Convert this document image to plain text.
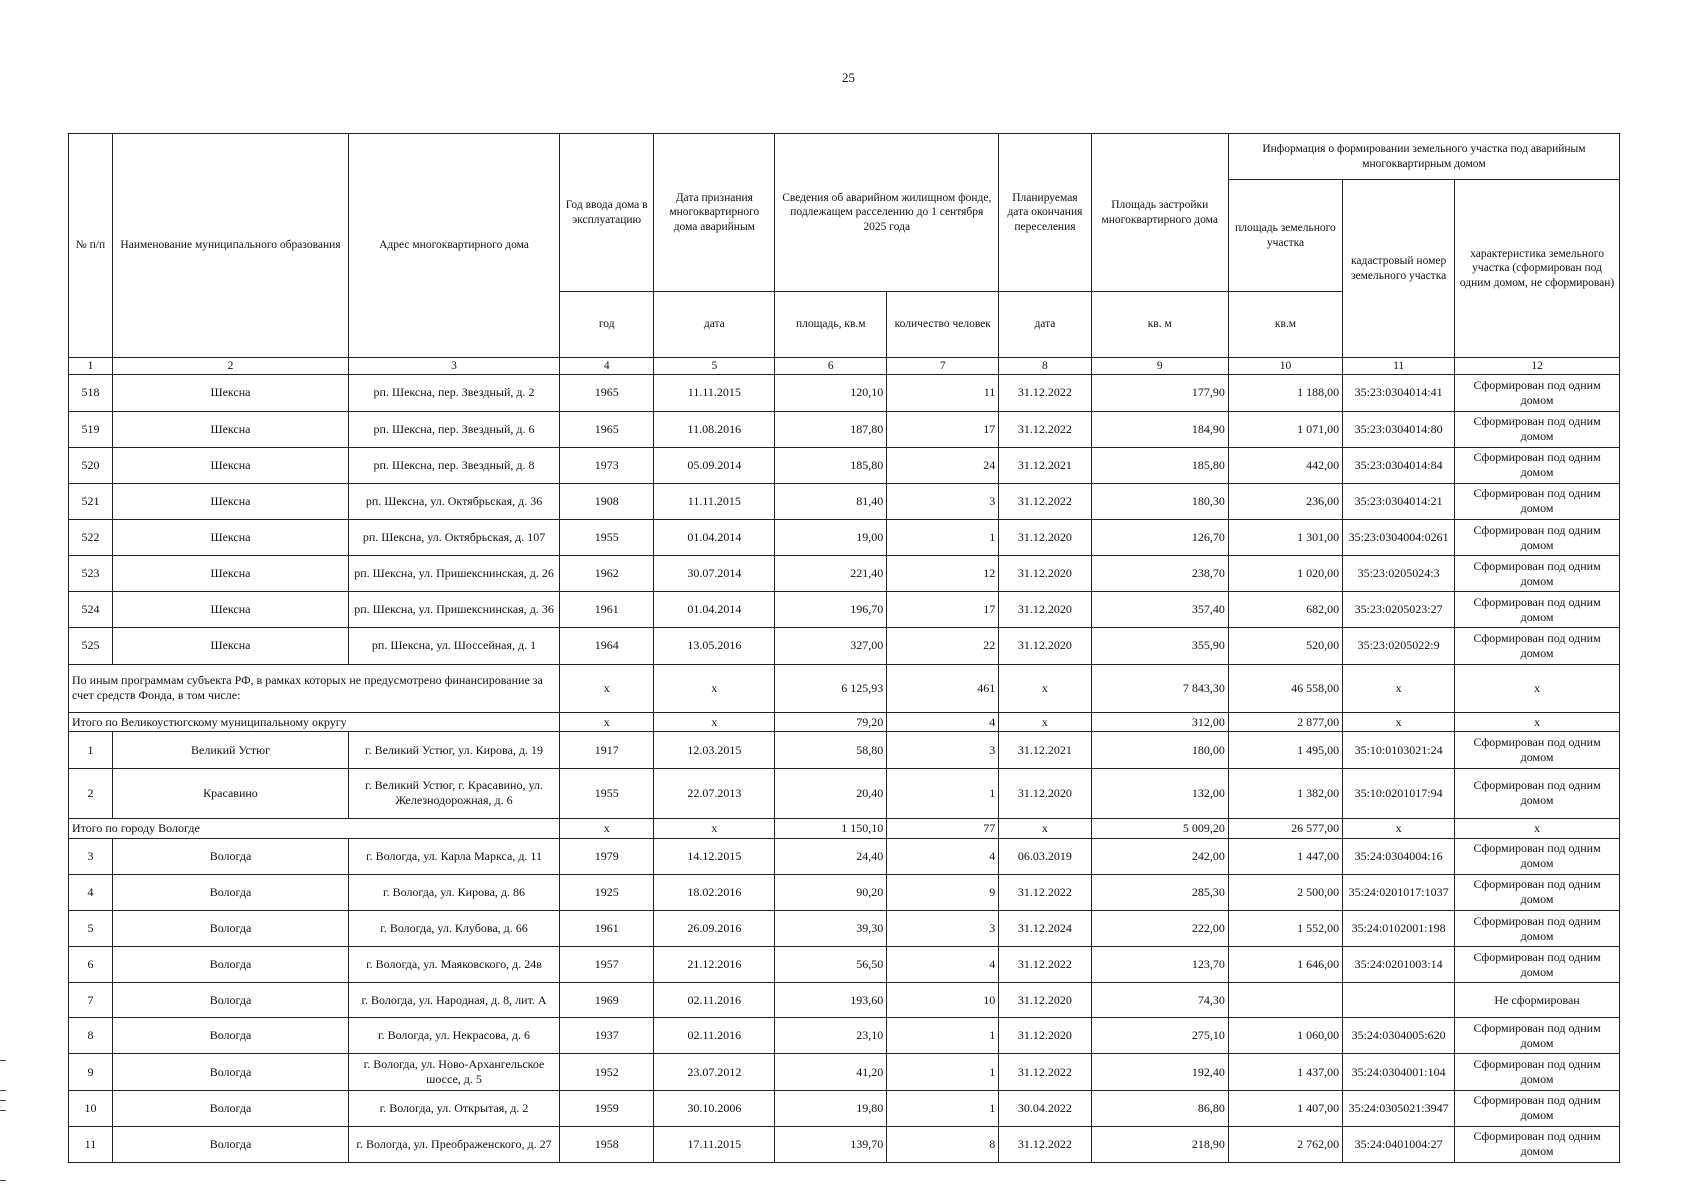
25
№ п/п	Наименование муниципального образования	Адрес многоквартирного дома	Год ввода дома в эксплуатацию	Дата признания многоквартирного дома аварийным	Сведения об аварийном жилищном фонде, подлежащем расселению до 1 сентября 2025 года		Планируемая дата окончания переселения	Площадь застройки многоквартирного дома	Информация о формировании земельного участка под аварийным многоквартирным домом		
									площадь земельного участка	кадастровый номер земельного участка	характеристика земельного участка (сформирован под одним домом, не сформирован)
			год	дата	площадь, кв.м	количество человек	дата	кв. м	кв.м		
1	2	3	4	5	6	7	8	9	10	11	12
518	Шексна	рп. Шексна, пер. Звездный, д. 2	1965	11.11.2015	120,10	11	31.12.2022	177,90	1 188,00	35:23:0304014:41	Сформирован под одним домом
519	Шексна	рп. Шексна, пер. Звездный, д. 6	1965	11.08.2016	187,80	17	31.12.2022	184,90	1 071,00	35:23:0304014:80	Сформирован под одним домом
520	Шексна	рп. Шексна, пер. Звездный, д. 8	1973	05.09.2014	185,80	24	31.12.2021	185,80	442,00	35:23:0304014:84	Сформирован под одним домом
521	Шексна	рп. Шексна, ул. Октябрьская, д. 36	1908	11.11.2015	81,40	3	31.12.2022	180,30	236,00	35:23:0304014:21	Сформирован под одним домом
522	Шексна	рп. Шексна, ул. Октябрьская, д. 107	1955	01.04.2014	19,00	1	31.12.2020	126,70	1 301,00	35:23:0304004:0261	Сформирован под одним домом
523	Шексна	рп. Шексна, ул. Пришекснинская, д. 26	1962	30.07.2014	221,40	12	31.12.2020	238,70	1 020,00	35:23:0205024:3	Сформирован под одним домом
524	Шексна	рп. Шексна, ул. Пришекснинская, д. 36	1961	01.04.2014	196,70	17	31.12.2020	357,40	682,00	35:23:0205023:27	Сформирован под одним домом
525	Шексна	рп. Шексна, ул. Шоссейная, д. 1	1964	13.05.2016	327,00	22	31.12.2020	355,90	520,00	35:23:0205022:9	Сформирован под одним домом
По иным программам субъекта РФ, в рамках которых не предусмотрено финансирование за счет средств Фонда, в том числе:			x	x	6 125,93	461	x	7 843,30	46 558,00	x	x
Итого по Великоустюгскому муниципальному округу			x	x	79,20	4	x	312,00	2 877,00	x	x
1	Великий Устюг	г. Великий Устюг, ул. Кирова, д. 19	1917	12.03.2015	58,80	3	31.12.2021	180,00	1 495,00	35:10:0103021:24	Сформирован под одним домом
2	Красавино	г. Великий Устюг, г. Красавино, ул. Железнодорожная, д. 6	1955	22.07.2013	20,40	1	31.12.2020	132,00	1 382,00	35:10:0201017:94	Сформирован под одним домом
Итого по городу Вологде			x	x	1 150,10	77	x	5 009,20	26 577,00	x	x
3	Вологда	г. Вологда, ул. Карла Маркса, д. 11	1979	14.12.2015	24,40	4	06.03.2019	242,00	1 447,00	35:24:0304004:16	Сформирован под одним домом
4	Вологда	г. Вологда, ул. Кирова, д. 86	1925	18.02.2016	90,20	9	31.12.2022	285,30	2 500,00	35:24:0201017:1037	Сформирован под одним домом
5	Вологда	г. Вологда, ул. Клубова, д. 66	1961	26.09.2016	39,30	3	31.12.2024	222,00	1 552,00	35:24:0102001:198	Сформирован под одним домом
6	Вологда	г. Вологда, ул. Маяковского, д. 24в	1957	21.12.2016	56,50	4	31.12.2022	123,70	1 646,00	35:24:0201003:14	Сформирован под одним домом
7	Вологда	г. Вологда, ул. Народная, д. 8, лит. А	1969	02.11.2016	193,60	10	31.12.2020	74,30			Не сформирован
8	Вологда	г. Вологда, ул. Некрасова, д. 6	1937	02.11.2016	23,10	1	31.12.2020	275,10	1 060,00	35:24:0304005:620	Сформирован под одним домом
9	Вологда	г. Вологда, ул. Ново-Архангельское шоссе, д. 5	1952	23.07.2012	41,20	1	31.12.2022	192,40	1 437,00	35:24:0304001:104	Сформирован под одним домом
10	Вологда	г. Вологда, ул. Открытая, д. 2	1959	30.10.2006	19,80	1	30.04.2022	86,80	1 407,00	35:24:0305021:3947	Сформирован под одним домом
11	Вологда	г. Вологда, ул. Преображенского, д. 27	1958	17.11.2015	139,70	8	31.12.2022	218,90	2 762,00	35:24:0401004:27	Сформирован под одним домом
